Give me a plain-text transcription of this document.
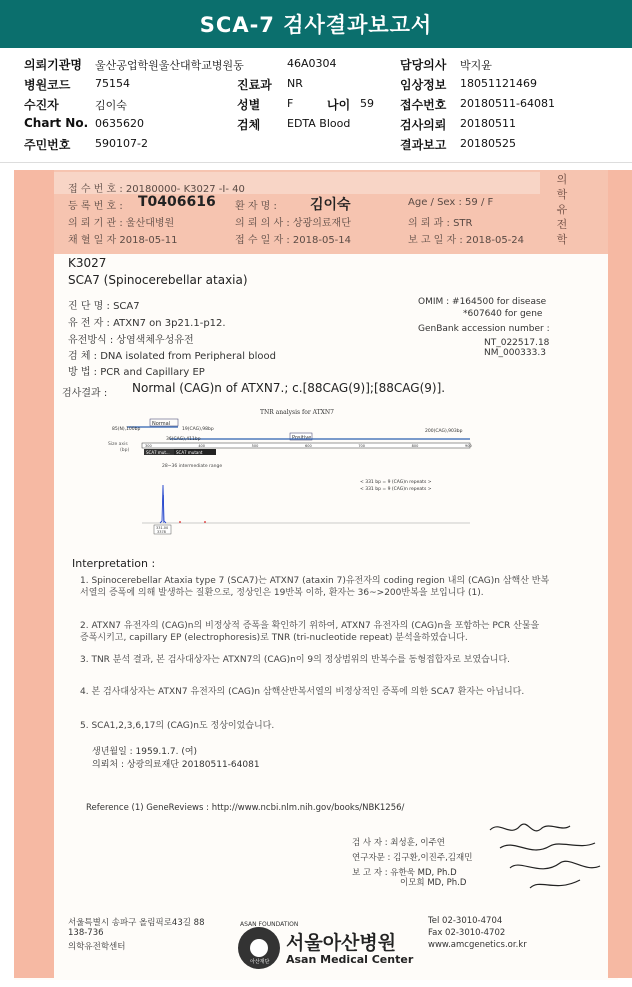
SCA-7 검사결과보고서
의뢰기관명 울산공업학원울산대학교병원동	46A0304	담당의사 박지윤
병원코드 75154	진료과 NR	임상정보 18051121469
수진자	김이숙	성별 F	나이 59 접수번호 20180511-64081
Chart No. 0635620	검체 EDTA Blood	검사의뢰 20180511
주민번호 590107-2	결과보고 20180525
의
학
유
전
학
접 수 번 호 : 20180000- K3027 -I- 40
등 록 번 호 : T0406616 환 자 명 : 김이숙	Age / Sex : 59 / F
의 뢰 기 관 : 울산대병원	의 뢰 의 사 : 상광의료재단	의 뢰 과 : STR
채 혈 일 자 2018-05-11	접 수 일 자 : 2018-05-14	보 고 일 자 : 2018-05-24
K3027
SCA7 (Spinocerebellar ataxia)
진 단 명 : SCA7
유 전 자 : ATXN7 on 3p21.1-p12.
유전방식 : 상염색체우성유전
검 체 : DNA isolated from Peripheral blood
방 법 : PCR and Capillary EP
OMIM : #164500 for disease
*607640 for gene
GenBank accession number :
NT_022517.18
NM_000333.3
검사결과 : Normal (CAG)n of ATXN7.; c.[88CAG(9)];[88CAG(9)].
TNR analysis for ATXN7
Normal
Positive
85(N),100bp	19(CAG),98bp
36(CAG),411bp
200(CAG),903bp
Size axis
(bp)
300	400	500	600	700	800	900
SCA7 mut... SCA7 mutant
28~36 intermediate range
< 331 bp = 9 (CAG)n repeats >
< 331 bp = 9 (CAG)n repeats >
331.00
3378
Interpretation :
1. Spinocerebellar Ataxia type 7 (SCA7)는 ATXN7 (ataxin 7)유전자의 coding region 내의 (CAG)n 삼핵산 반복서열의 증폭에 의해 발생하는 질환으로, 정상인은 19반복 이하, 환자는 36~>200반복을 보입니다 (1).
2. ATXN7 유전자의 (CAG)n의 비정상적 증폭을 확인하기 위하여, ATXN7 유전자의 (CAG)n을 포함하는 PCR 산물을 증폭시키고, capillary EP (electrophoresis)로 TNR (tri-nucleotide repeat) 분석을하였습니다.
3. TNR 분석 결과, 본 검사대상자는 ATXN7의 (CAG)n이 9의 정상범위의 반복수를 동형접합자로 보였습니다.
4. 본 검사대상자는 ATXN7 유전자의 (CAG)n 삼핵산반복서열의 비정상적인 증폭에 의한 SCA7 환자는 아닙니다.
5. SCA1,2,3,6,17의 (CAG)n도 정상이었습니다.
생년월일 : 1959.1.7. (여)
의뢰처 : 상광의료재단 20180511-64081
Reference (1) GeneReviews : http://www.ncbi.nlm.nih.gov/books/NBK1256/
검 사 자 : 최성훈, 이주연
연구자문 : 김구환,이진주,김재민
보 고 자 : 유한욱 MD, Ph.D
이모희 MD, Ph.D
서울특별시 송파구 올림픽로43길 88
138-736
의학유전학센터
ASAN FOUNDATION
아산재단
서울아산병원
Asan Medical Center
Tel 02-3010-4704
Fax 02-3010-4702
www.amcgenetics.or.kr
